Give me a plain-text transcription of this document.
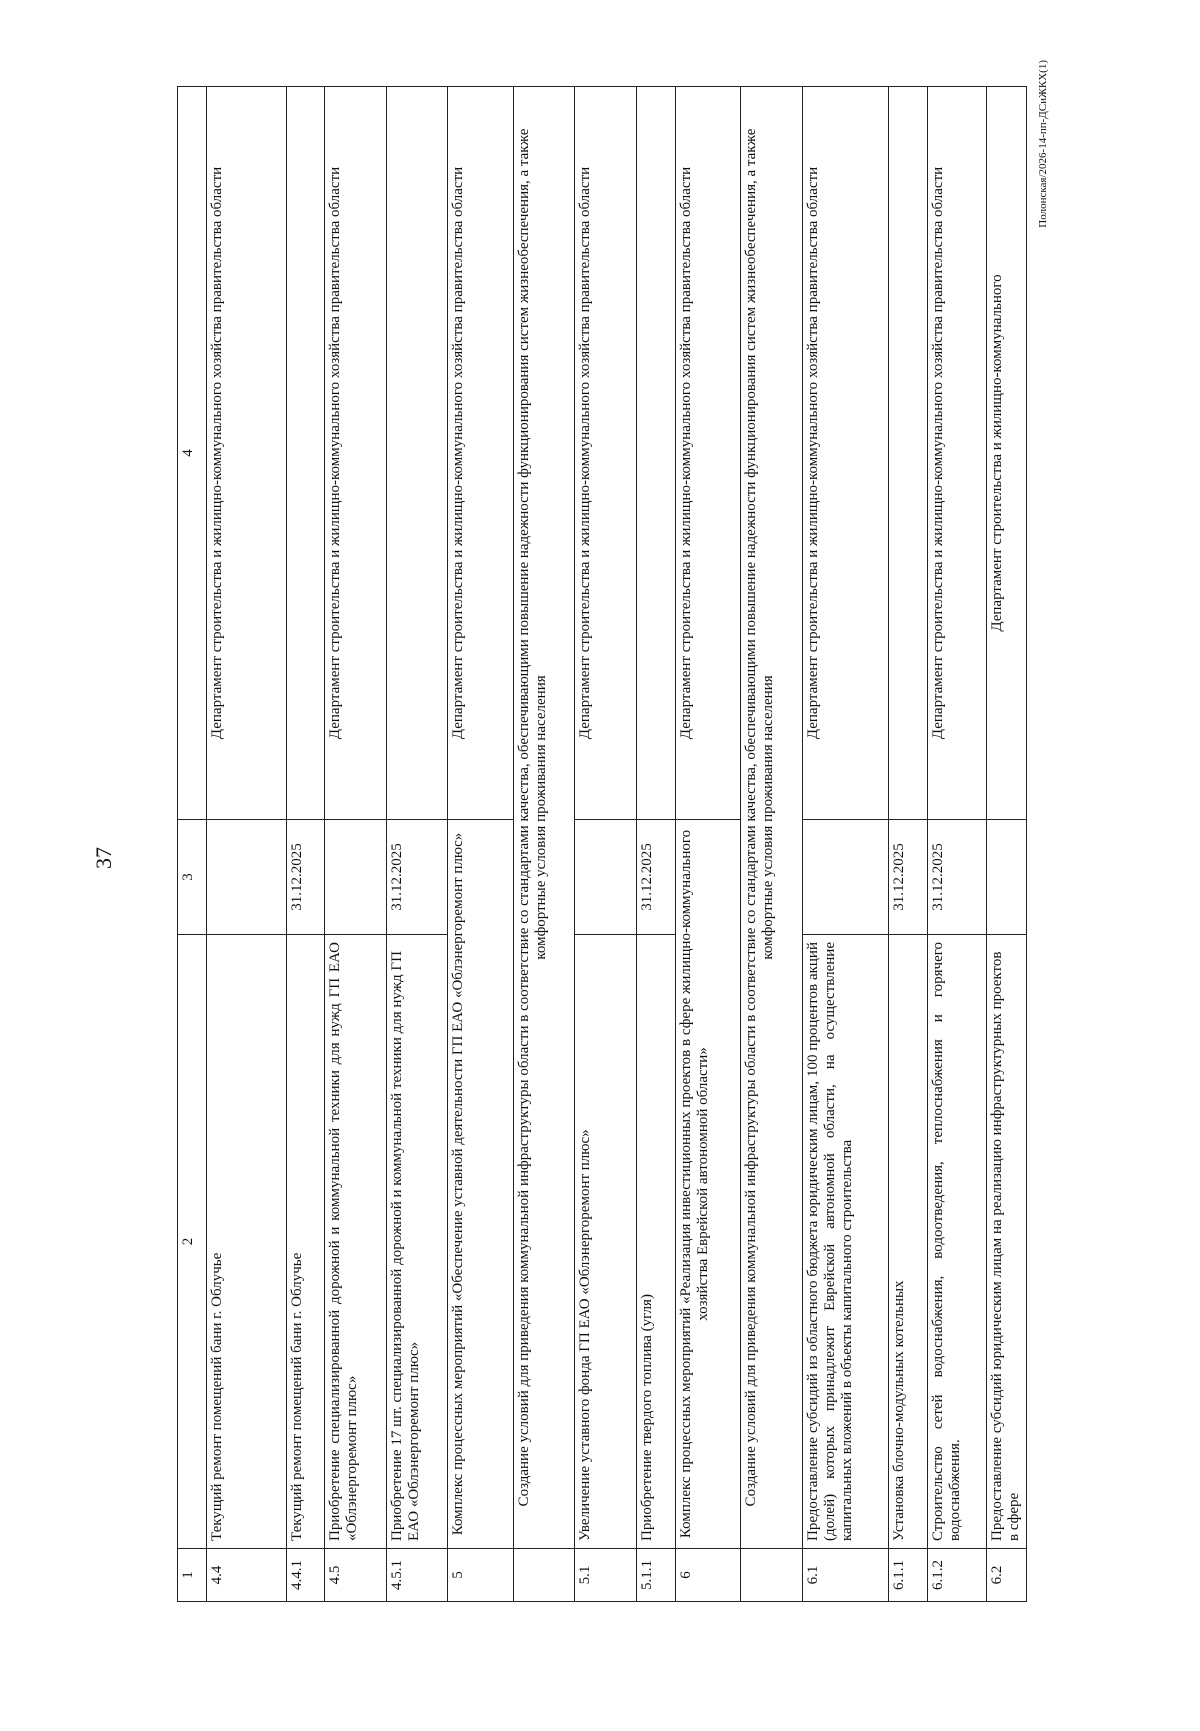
37
1	2	3	4
4.4	Текущий ремонт помещений бани г. Облучье		Департамент строительства и жилищно-коммунального хозяйства правительства области
4.4.1	Текущий ремонт помещений бани г. Облучье	31.12.2025	
4.5	Приобретение специализированной дорожной и коммунальной техники для нужд ГП ЕАО «Облэнергоремонт плюс»		Департамент строительства и жилищно-коммунального хозяйства правительства области
4.5.1	Приобретение 17 шт. специализированной дорожной и коммунальной техники для нужд ГП ЕАО «Облэнергоремонт плюс»	31.12.2025	
5	Комплекс процессных мероприятий «Обеспечение уставной деятельности ГП ЕАО «Облэнергоремонт плюс»		Департамент строительства и жилищно-коммунального хозяйства правительства области
	Создание условий для приведения коммунальной инфраструктуры области в соответствие со стандартами качества, обеспечивающими повышение надежности функционирования систем жизнеобеспечения, а также комфортные условия проживания населения		
5.1	Увеличение уставного фонда ГП ЕАО «Облэнергоремонт плюс»		Департамент строительства и жилищно-коммунального хозяйства правительства области
5.1.1	Приобретение твердого топлива (угля)	31.12.2025	
6	Комплекс процессных мероприятий «Реализация инвестиционных проектов в сфере жилищно-коммунального хозяйства Еврейской автономной области»		Департамент строительства и жилищно-коммунального хозяйства правительства области
	Создание условий для приведения коммунальной инфраструктуры области в соответствие со стандартами качества, обеспечивающими повышение надежности функционирования систем жизнеобеспечения, а также комфортные условия проживания населения		
6.1	Предоставление субсидий из областного бюджета юридическим лицам, 100 процентов акций (долей) которых принадлежит Еврейской автономной области, на осуществление капитальных вложений в объекты капитального строительства		Департамент строительства и жилищно-коммунального хозяйства правительства области
6.1.1	Установка блочно-модульных котельных	31.12.2025	
6.1.2	Строительство сетей водоснабжения, водоотведения, теплоснабжения и горячего водоснабжения.	31.12.2025	Департамент строительства и жилищно-коммунального хозяйства правительства области
6.2	Предоставление субсидий юридическим лицам на реализацию инфраструктурных проектов в сфере		Департамент строительства и жилищно-коммунального
Полонская/2026-14-пп-ДСиЖКХ(1)
